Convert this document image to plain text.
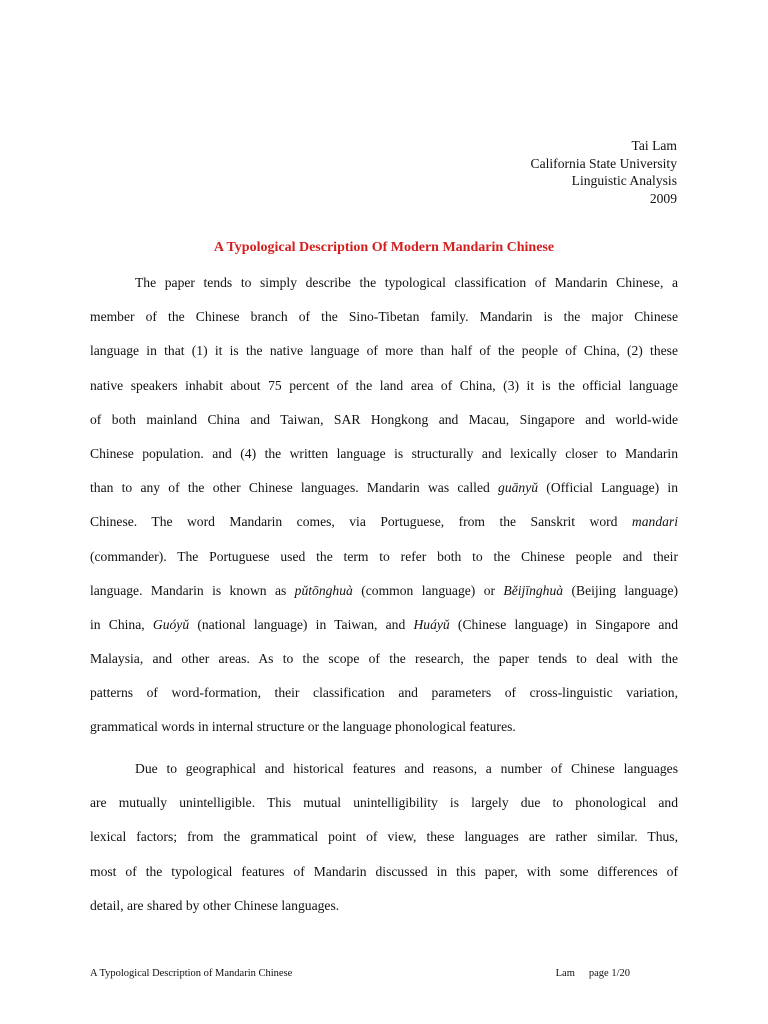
Tai Lam
California State University
Linguistic Analysis
2009
A Typological Description Of Modern Mandarin Chinese
The paper tends to simply describe the typological classification of Mandarin Chinese, a
member of the Chinese branch of the Sino-Tibetan family. Mandarin is the major Chinese
language in that (1) it is the native language of more than half of the people of China, (2) these
native speakers inhabit about 75 percent of the land area of China, (3) it is the official language
of both mainland China and Taiwan, SAR Hongkong and Macau, Singapore and world-wide
Chinese population. and (4) the written language is structurally and lexically closer to Mandarin
than to any of the other Chinese languages. Mandarin was called guānyǔ (Official Language) in
Chinese. The word Mandarin comes, via Portuguese, from the Sanskrit word mandari
(commander). The Portuguese used the term to refer both to the Chinese people and their
language. Mandarin is known as pǔtōnghuà (common language) or Běijīnghuà (Beijing language)
in China, Guóyǔ (national language) in Taiwan, and Huáyǔ (Chinese language) in Singapore and
Malaysia, and other areas. As to the scope of the research, the paper tends to deal with the
patterns of word-formation, their classification and parameters of cross-linguistic variation,
grammatical words in internal structure or the language phonological features.
Due to geographical and historical features and reasons, a number of Chinese languages
are mutually unintelligible. This mutual unintelligibility is largely due to phonological and
lexical factors; from the grammatical point of view, these languages are rather similar. Thus,
most of the typological features of Mandarin discussed in this paper, with some differences of
detail, are shared by other Chinese languages.
A Typological Description of Mandarin Chinese	Lam page 1/20
